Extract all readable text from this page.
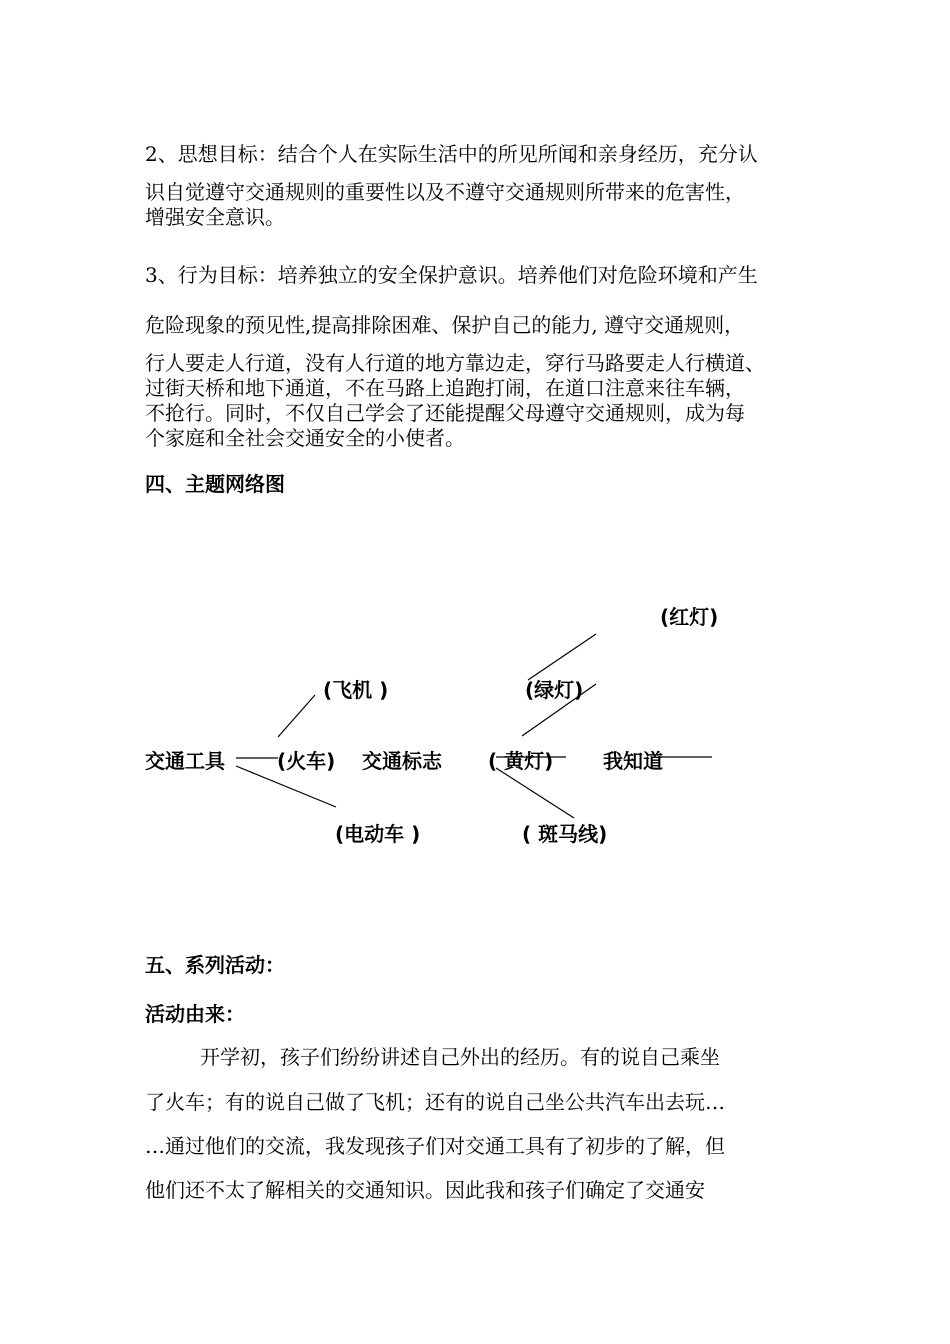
2、思想目标：结合个人在实际生活中的所见所闻和亲身经历，充分认
识自觉遵守交通规则的重要性以及不遵守交通规则所带来的危害性，
增强安全意识。
3、行为目标：培养独立的安全保护意识。培养他们对危险环境和产生
危险现象的预见性,提高排除困难、保护自己的能力, 遵守交通规则，
行人要走人行道，没有人行道的地方靠边走，穿行马路要走人行横道、
过街天桥和地下通道，不在马路上追跑打闹，在道口注意来往车辆，
不抢行。同时，不仅自己学会了还能提醒父母遵守交通规则，成为每
个家庭和全社会交通安全的小使者。
四、主题网络图
交通工具
(飞机 )
(火车)
(电动车 )
交通标志
(红灯)
(绿灯)
( 黄灯)
( 斑马线)
我知道
五、系列活动：
活动由来：
开学初，孩子们纷纷讲述自己外出的经历。有的说自己乘坐
了火车；有的说自己做了飞机；还有的说自己坐公共汽车出去玩…
…通过他们的交流，我发现孩子们对交通工具有了初步的了解，但
他们还不太了解相关的交通知识。因此我和孩子们确定了交通安
